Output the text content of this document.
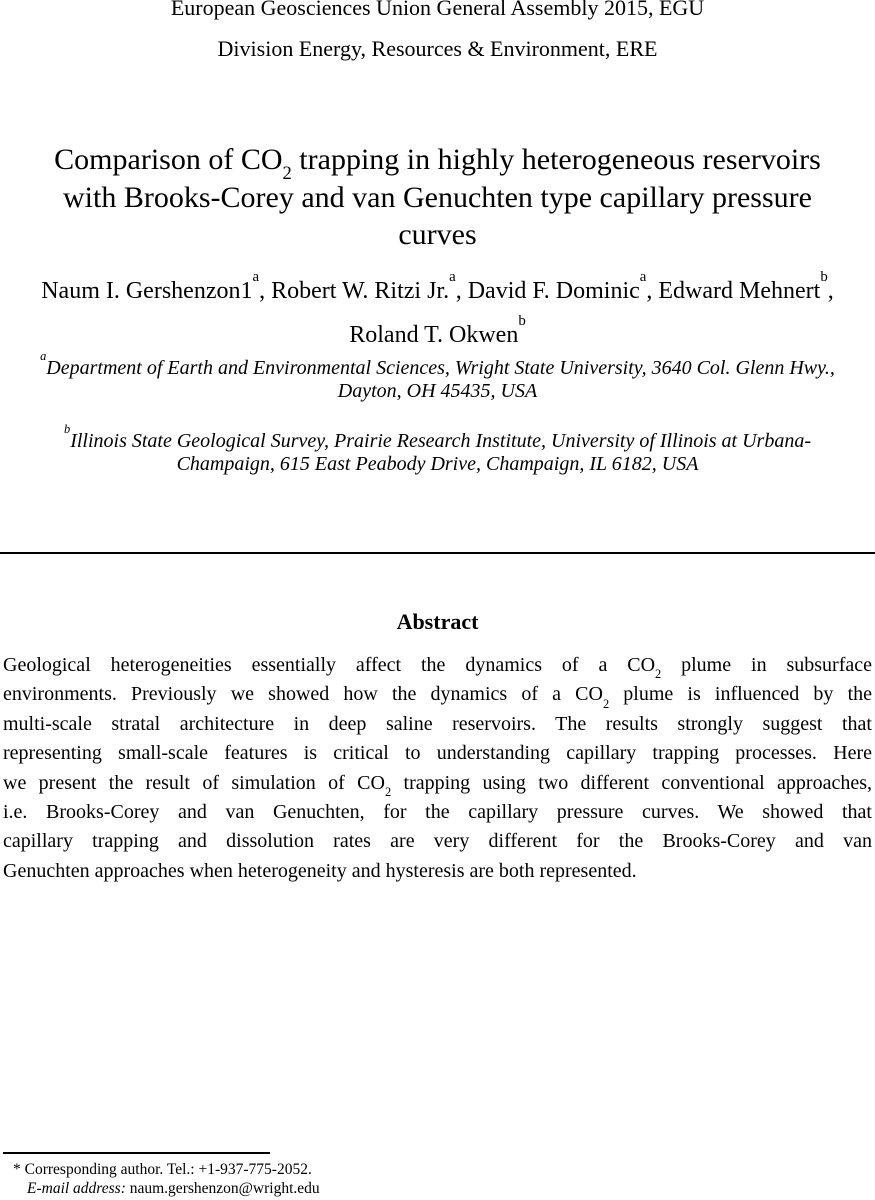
European Geosciences Union General Assembly 2015, EGU
Division Energy, Resources & Environment, ERE
Comparison of $CO_2$ trapping in highly heterogeneous reservoirs
with Brooks-Corey and van Genuchten type capillary pressure
curves
Naum I. Gershenzon1$^a$, Robert W. Ritzi Jr.$^a$, David F. Dominic$^a$, Edward Mehnert$^b$,
Roland T. Okwen$^b$
$^a$Department of Earth and Environmental Sciences, Wright State University, 3640 Col. Glenn Hwy.,
Dayton, OH 45435, USA
$^b$Illinois State Geological Survey, Prairie Research Institute, University of Illinois at Urbana-
Champaign, 615 East Peabody Drive, Champaign, IL 6182, USA
Abstract
Geological heterogeneities essentially affect the dynamics of a $CO_2$ plume in subsurface
environments. Previously we showed how the dynamics of a $CO_2$ plume is influenced by the
multi-scale stratal architecture in deep saline reservoirs. The results strongly suggest that
representing small-scale features is critical to understanding capillary trapping processes. Here
we present the result of simulation of $CO_2$ trapping using two different conventional approaches,
i.e. Brooks-Corey and van Genuchten, for the capillary pressure curves. We showed that
capillary trapping and dissolution rates are very different for the Brooks-Corey and van
Genuchten approaches when heterogeneity and hysteresis are both represented.
* Corresponding author. Tel.: +1-937-775-2052.
E-mail address: naum.gershenzon@wright.edu
